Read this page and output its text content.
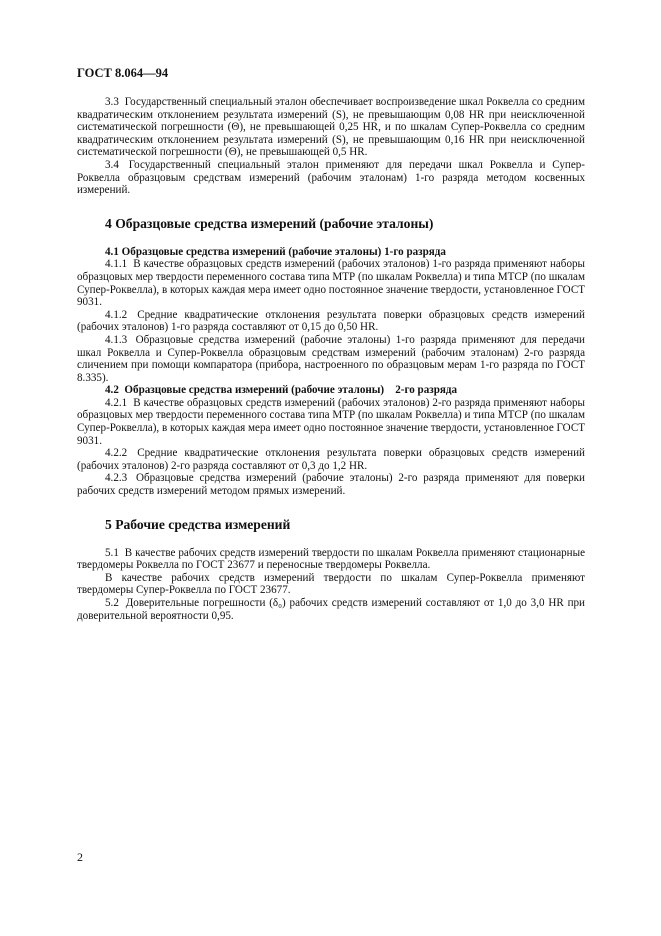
ГОСТ 8.064—94

3.3 Государственный специальный эталон обеспечивает воспроизведение шкал Роквелла со средним квадратическим отклонением результата измерений (S), не превышающим 0,08 HR при неисключенной систематической погрешности (Θ), не превышающей 0,25 HR, и по шкалам Супер-Роквелла со средним квадратическим отклонением результата измерений (S), не превышающим 0,16 HR при неисключенной систематической погрешности (Θ), не превышающей 0,5 HR.

3.4 Государственный специальный эталон применяют для передачи шкал Роквелла и Супер-Роквелла образцовым средствам измерений (рабочим эталонам) 1-го разряда методом косвенных измерений.

4 Образцовые средства измерений (рабочие эталоны)

4.1 Образцовые средства измерений (рабочие эталоны) 1-го разряда

4.1.1 В качестве образцовых средств измерений (рабочих эталонов) 1-го разряда применяют наборы образцовых мер твердости переменного состава типа МТР (по шкалам Роквелла) и типа МТСР (по шкалам Супер-Роквелла), в которых каждая мера имеет одно постоянное значение твердости, установленное ГОСТ 9031.

4.1.2 Средние квадратические отклонения результата поверки образцовых средств измерений (рабочих эталонов) 1-го разряда составляют от 0,15 до 0,50 HR.

4.1.3 Образцовые средства измерений (рабочие эталоны) 1-го разряда применяют для передачи шкал Роквелла и Супер-Роквелла образцовым средствам измерений (рабочим эталонам) 2-го разряда сличением при помощи компаратора (прибора, настроенного по образцовым мерам 1-го разряда по ГОСТ 8.335).

4.2  Образцовые средства измерений (рабочие эталоны)    2-го разряда

4.2.1 В качестве образцовых средств измерений (рабочих эталонов) 2-го разряда применяют наборы образцовых мер твердости переменного состава типа МТР (по шкалам Роквелла) и типа МТСР (по шкалам Супер-Роквелла), в которых каждая мера имеет одно постоянное значение твердости, установленное ГОСТ 9031.

4.2.2 Средние квадратические отклонения результата поверки образцовых средств измерений (рабочих эталонов) 2-го разряда составляют от 0,3 до 1,2 HR.

4.2.3 Образцовые средства измерений (рабочие эталоны) 2-го разряда применяют для поверки рабочих средств измерений методом прямых измерений.

5 Рабочие средства измерений

5.1 В качестве рабочих средств измерений твердости по шкалам Роквелла применяют стационарные твердомеры Роквелла по ГОСТ 23677 и переносные твердомеры Роквелла.

В качестве рабочих средств измерений твердости по шкалам Супер-Роквелла применяют твердомеры Супер-Роквелла по ГОСТ 23677.

5.2 Доверительные погрешности (δ₀) рабочих средств измерений составляют от 1,0 до 3,0 HR при доверительной вероятности 0,95.

2
